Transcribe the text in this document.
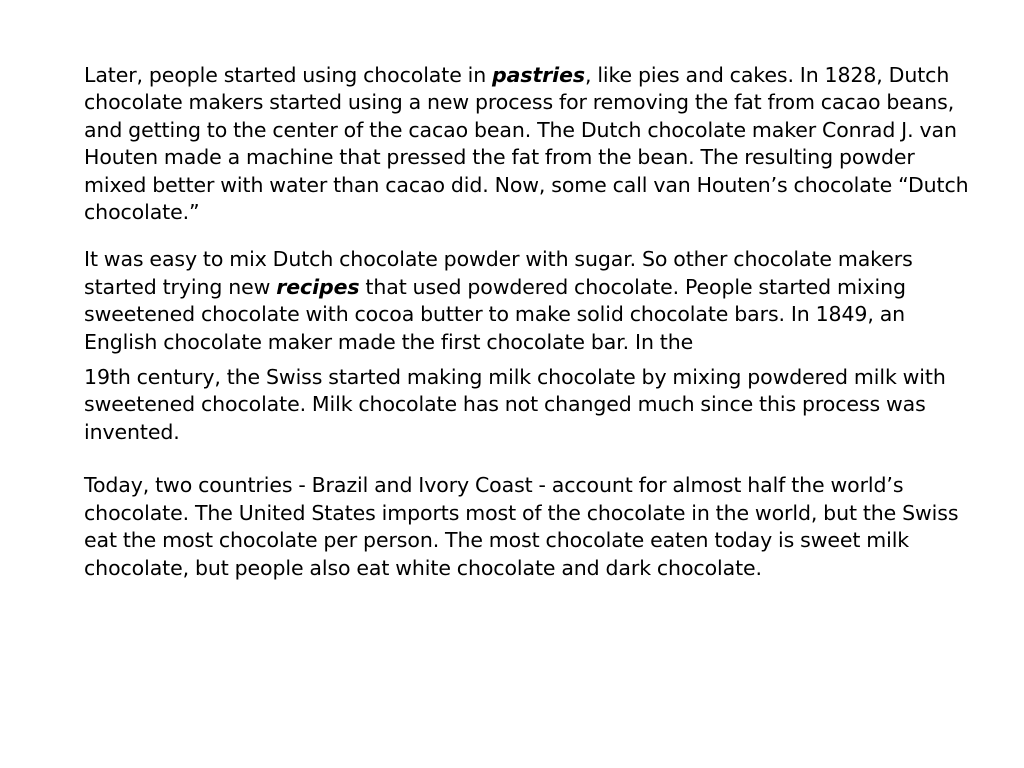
Later, people started using chocolate in pastries, like pies and cakes. In 1828, Dutch chocolate makers started using a new process for removing the fat from cacao beans, and getting to the center of the cacao bean. The Dutch chocolate maker Conrad J. van Houten made a machine that pressed the fat from the bean. The resulting powder mixed better with water than cacao did. Now, some call van Houten’s chocolate “Dutch chocolate.”

It was easy to mix Dutch chocolate powder with sugar. So other chocolate makers started trying new recipes that used powdered chocolate. People started mixing sweetened chocolate with cocoa butter to make solid chocolate bars. In 1849, an English chocolate maker made the first chocolate bar. In the

19th century, the Swiss started making milk chocolate by mixing powdered milk with sweetened chocolate. Milk chocolate has not changed much since this process was invented.

Today, two countries - Brazil and Ivory Coast - account for almost half the world’s chocolate. The United States imports most of the chocolate in the world, but the Swiss eat the most chocolate per person. The most chocolate eaten today is sweet milk chocolate, but people also eat white chocolate and dark chocolate.
